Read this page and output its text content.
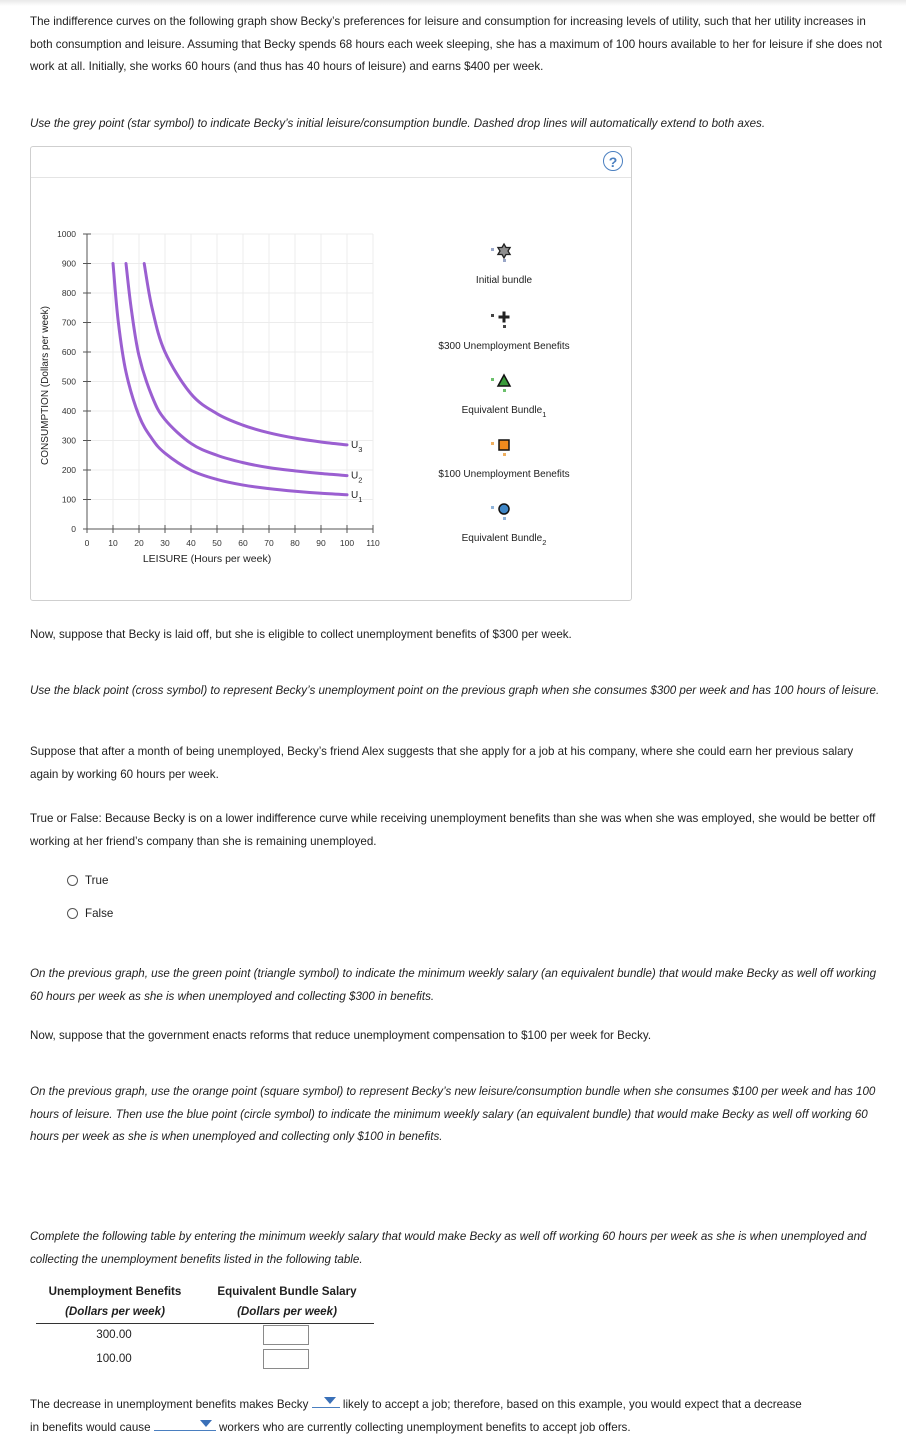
The indifference curves on the following graph show Becky’s preferences for leisure and consumption for increasing levels of utility, such that her utility increases in both consumption and leisure. Assuming that Becky spends 68 hours each week sleeping, she has a maximum of 100 hours available to her for leisure if she does not work at all. Initially, she works 60 hours (and thus has 40 hours of leisure) and earns $400 per week.

Use the grey point (star symbol) to indicate Becky’s initial leisure/consumption bundle. Dashed drop lines will automatically extend to both axes.

?
0 10 20 30 40 50 60 70 80 90 100 110
0
100
200
300
400
500
600
700
800
900
1000
LEISURE (Hours per week)
CONSUMPTION (Dollars per week)
$U_1$
$U_2$
$U_3$
Initial bundle
$300 Unemployment Benefits
Equivalent Bundle$_1$
$100 Unemployment Benefits
Equivalent Bundle$_2$

Now, suppose that Becky is laid off, but she is eligible to collect unemployment benefits of $300 per week.

Use the black point (cross symbol) to represent Becky’s unemployment point on the previous graph when she consumes $300 per week and has 100 hours of leisure.

Suppose that after a month of being unemployed, Becky’s friend Alex suggests that she apply for a job at his company, where she could earn her previous salary again by working 60 hours per week.

True or False: Because Becky is on a lower indifference curve while receiving unemployment benefits than she was when she was employed, she would be better off working at her friend’s company than she is remaining unemployed.

True
False

On the previous graph, use the green point (triangle symbol) to indicate the minimum weekly salary (an equivalent bundle) that would make Becky as well off working 60 hours per week as she is when unemployed and collecting $300 in benefits.

Now, suppose that the government enacts reforms that reduce unemployment compensation to $100 per week for Becky.

On the previous graph, use the orange point (square symbol) to represent Becky’s new leisure/consumption bundle when she consumes $100 per week and has 100 hours of leisure. Then use the blue point (circle symbol) to indicate the minimum weekly salary (an equivalent bundle) that would make Becky as well off working 60 hours per week as she is when unemployed and collecting only $100 in benefits.

Complete the following table by entering the minimum weekly salary that would make Becky as well off working 60 hours per week as she is when unemployed and collecting the unemployment benefits listed in the following table.

Unemployment Benefits
(Dollars per week)
Equivalent Bundle Salary
(Dollars per week)
300.00
100.00

The decrease in unemployment benefits makes Becky	likely to accept a job; therefore, based on this example, you would expect that a decrease
in benefits would cause	workers who are currently collecting unemployment benefits to accept job offers.
